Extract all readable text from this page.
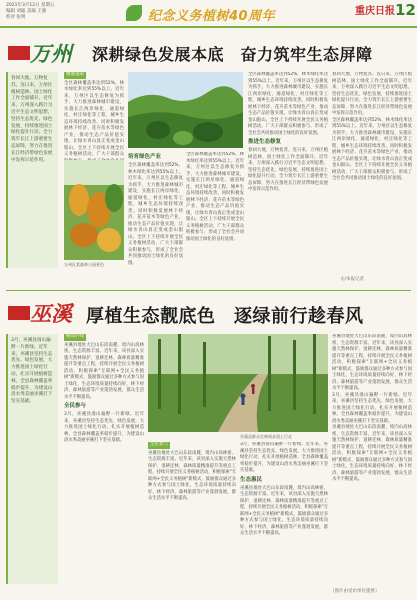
2021年3月12日 星期五
编辑 刘聪 美编 王强
校对 张明	纪念义务植树40周年	重庆日报 12
万州 深耕绿色发展本底　奋力筑牢生态屏障
春回大地，万物复苏。连日来，万州区植树造林、国土绿化工作全面铺开。近年来，万州深入践行习近平生态文明思想，坚持生态优先、绿色发展，持续推进国土绿化提升行动，全力筑牢长江上游重要生态屏障，努力在推进长江经济带绿色发展中发挥示范作用。
精准施策
全区森林覆盖率达到52%，林木绿化率达到55%以上。近年来，万州区以生态修复为抓手，大力推进森林城市建设，实施长江两岸绿化、通道绿化、村庄绿化等工程，城乡生态环境持续改善。同时积极发展林下经济、花卉苗木等绿色产业，推动生态产品价值实现，让绿水青山真正变成金山银山。全区上下持续开展全民义务植树活动，广大干部群众
万州区某森林公园景色
培育绿色产业
全区森林覆盖率达到52%，林木绿化率达到55%以上。近年来，万州区以生态修复为抓手，大力推进森林城市建设，实施长江两岸绿化、通道绿化、村庄绿化等工程，城乡生态环境持续改善。同时积极发展林下经济、花卉苗木等绿色产业，推动生态产品价值实现，让绿水青山真正变成金山银山。全区上下持续开展全民义务植树活动，广大干部群众积极参与，形成了全社会共同推动国土绿化的良好氛围。
全区森林覆盖率达到52%，林木绿化率达到55%以上。近年来，万州区以生态修复为抓手，大力推进森林城市建设，实施长江两岸绿化、通道绿化、村庄绿化等工程，城乡生态环境持续改善。同时积极发展林下经济、花卉苗木等绿色产业，推动生态产品价值实现，让绿水青山真正变成金山银山。全区上下持续开展全民义务植树活动，广大干部群众积极参与，形成了全社会共同推动国土绿化的良好氛围。
全区森林覆盖率达到52%，林木绿化率达到55%以上。近年来，万州区以生态修复为抓手，大力推进森林城市建设，实施长江两岸绿化、通道绿化、村庄绿化等工程，城乡生态环境持续改善。同时积极发展林下经济、花卉苗木等绿色产业，推动生态产品价值实现，让绿水青山真正变成金山银山。全区上下持续开展全民义务植树活动，广大干部群众积极参与，形成了全社会共同推动国土绿化的良好氛围。
推进生态修复
春回大地，万物复苏。连日来，万州区植树造林、国土绿化工作全面铺开。近年来，万州深入践行习近平生态文明思想，坚持生态优先、绿色发展，持续推进国土绿化提升行动，全力筑牢长江上游重要生态屏障，努力在推进长江经济带绿色发展中发挥示范作用。
春回大地，万物复苏。连日来，万州区植树造林、国土绿化工作全面铺开。近年来，万州深入践行习近平生态文明思想，坚持生态优先、绿色发展，持续推进国土绿化提升行动，全力筑牢长江上游重要生态屏障，努力在推进长江经济带绿色发展中发挥示范作用。
全区森林覆盖率达到52%，林木绿化率达到55%以上。近年来，万州区以生态修复为抓手，大力推进森林城市建设，实施长江两岸绿化、通道绿化、村庄绿化等工程，城乡生态环境持续改善。同时积极发展林下经济、花卉苗木等绿色产业，推动生态产品价值实现，让绿水青山真正变成金山银山。全区上下持续开展全民义务植树活动，广大干部群众积极参与，形成了全社会共同推动国土绿化的良好氛围。
文/本报记者
巫溪 厚植生态靓底色　逐绿前行趁春风
3月，巫溪县漫山遍野一片新绿。近年来，巫溪县坚持生态优先、绿色发展，大力推进国土绿化行动，扎实开展植树造林，全县森林覆盖率稳步提升，为建设山清水秀美丽巫溪打下坚实基础。
植绿护绿
巫溪县地处大巴山东段南麓，境内山高林密，生态资源丰富。近年来，该县深入实施天然林保护、退耕还林、森林质量精准提升等重点工程，持续开展全民义务植树活动，积极探索"互联网+全民义务植树"新模式，鼓励群众通过多种方式参与国土绿化，生态环境质量持续向好，林下经济、森林旅游等产业蓬勃发展，群众生活水平不断提高。
全民参与
3月，巫溪县漫山遍野一片新绿。近年来，巫溪县坚持生态优先、绿色发展，大力推进国土绿化行动，扎实开展植树造林，全县森林覆盖率稳步提升，为建设山清水秀美丽巫溪打下坚实基础。
巫溪县群众在林间步道上行走
全民参与
巫溪县地处大巴山东段南麓，境内山高林密，生态资源丰富。近年来，该县深入实施天然林保护、退耕还林、森林质量精准提升等重点工程，持续开展全民义务植树活动，积极探索"互联网+全民义务植树"新模式，鼓励群众通过多种方式参与国土绿化，生态环境质量持续向好，林下经济、森林旅游等产业蓬勃发展，群众生活水平不断提高。
3月，巫溪县漫山遍野一片新绿。近年来，巫溪县坚持生态优先、绿色发展，大力推进国土绿化行动，扎实开展植树造林，全县森林覆盖率稳步提升，为建设山清水秀美丽巫溪打下坚实基础。
生态惠民
巫溪县地处大巴山东段南麓，境内山高林密，生态资源丰富。近年来，该县深入实施天然林保护、退耕还林、森林质量精准提升等重点工程，持续开展全民义务植树活动，积极探索"互联网+全民义务植树"新模式，鼓励群众通过多种方式参与国土绿化，生态环境质量持续向好，林下经济、森林旅游等产业蓬勃发展，群众生活水平不断提高。
巫溪县地处大巴山东段南麓，境内山高林密，生态资源丰富。近年来，该县深入实施天然林保护、退耕还林、森林质量精准提升等重点工程，持续开展全民义务植树活动，积极探索"互联网+全民义务植树"新模式，鼓励群众通过多种方式参与国土绿化，生态环境质量持续向好，林下经济、森林旅游等产业蓬勃发展，群众生活水平不断提高。
3月，巫溪县漫山遍野一片新绿。近年来，巫溪县坚持生态优先、绿色发展，大力推进国土绿化行动，扎实开展植树造林，全县森林覆盖率稳步提升，为建设山清水秀美丽巫溪打下坚实基础。
巫溪县地处大巴山东段南麓，境内山高林密，生态资源丰富。近年来，该县深入实施天然林保护、退耕还林、森林质量精准提升等重点工程，持续开展全民义务植树活动，积极探索"互联网+全民义务植树"新模式，鼓励群众通过多种方式参与国土绿化，生态环境质量持续向好，林下经济、森林旅游等产业蓬勃发展，群众生活水平不断提高。
（图片由受访单位提供）
